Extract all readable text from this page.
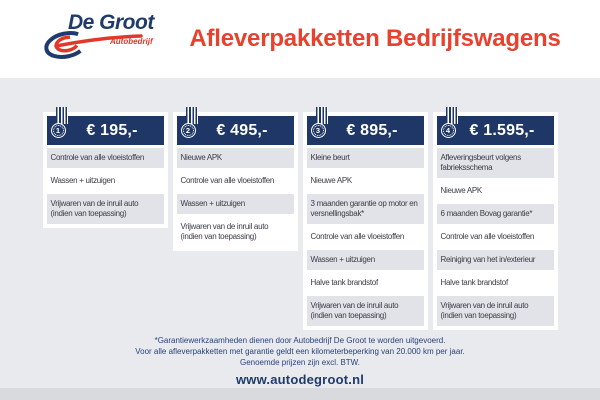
De Groot
Autobedrijf	Afleverpakketten Bedrijfswagens
1	€ 195,-
Controle van alle vloeistoffen
Wassen + uitzuigen
Vrijwaren van de inruil auto (indien van toepassing)
2	€ 495,-
Nieuwe APK
Controle van alle vloeistoffen
Wassen + uitzuigen
Vrijwaren van de inruil auto (indien van toepassing)
3	€ 895,-
Kleine beurt
Nieuwe APK
3 maanden garantie op motor en versnellingsbak*
Controle van alle vloeistoffen
Wassen + uitzuigen
Halve tank brandstof
Vrijwaren van de inruil auto (indien van toepassing)
4	€ 1.595,-
Afleveringsbeurt volgens fabrieksschema
Nieuwe APK
6 maanden Bovag garantie*
Controle van alle vloeistoffen
Reiniging van het in/exterieur
Halve tank brandstof
Vrijwaren van de inruil auto (indien van toepassing)
*Garantiewerkzaamheden dienen door Autobedrijf De Groot te worden uitgevoerd.
Voor alle afleverpakketten met garantie geldt een kilometerbeperking van 20.000 km per jaar.
Genoemde prijzen zijn excl. BTW.
www.autodegroot.nl
